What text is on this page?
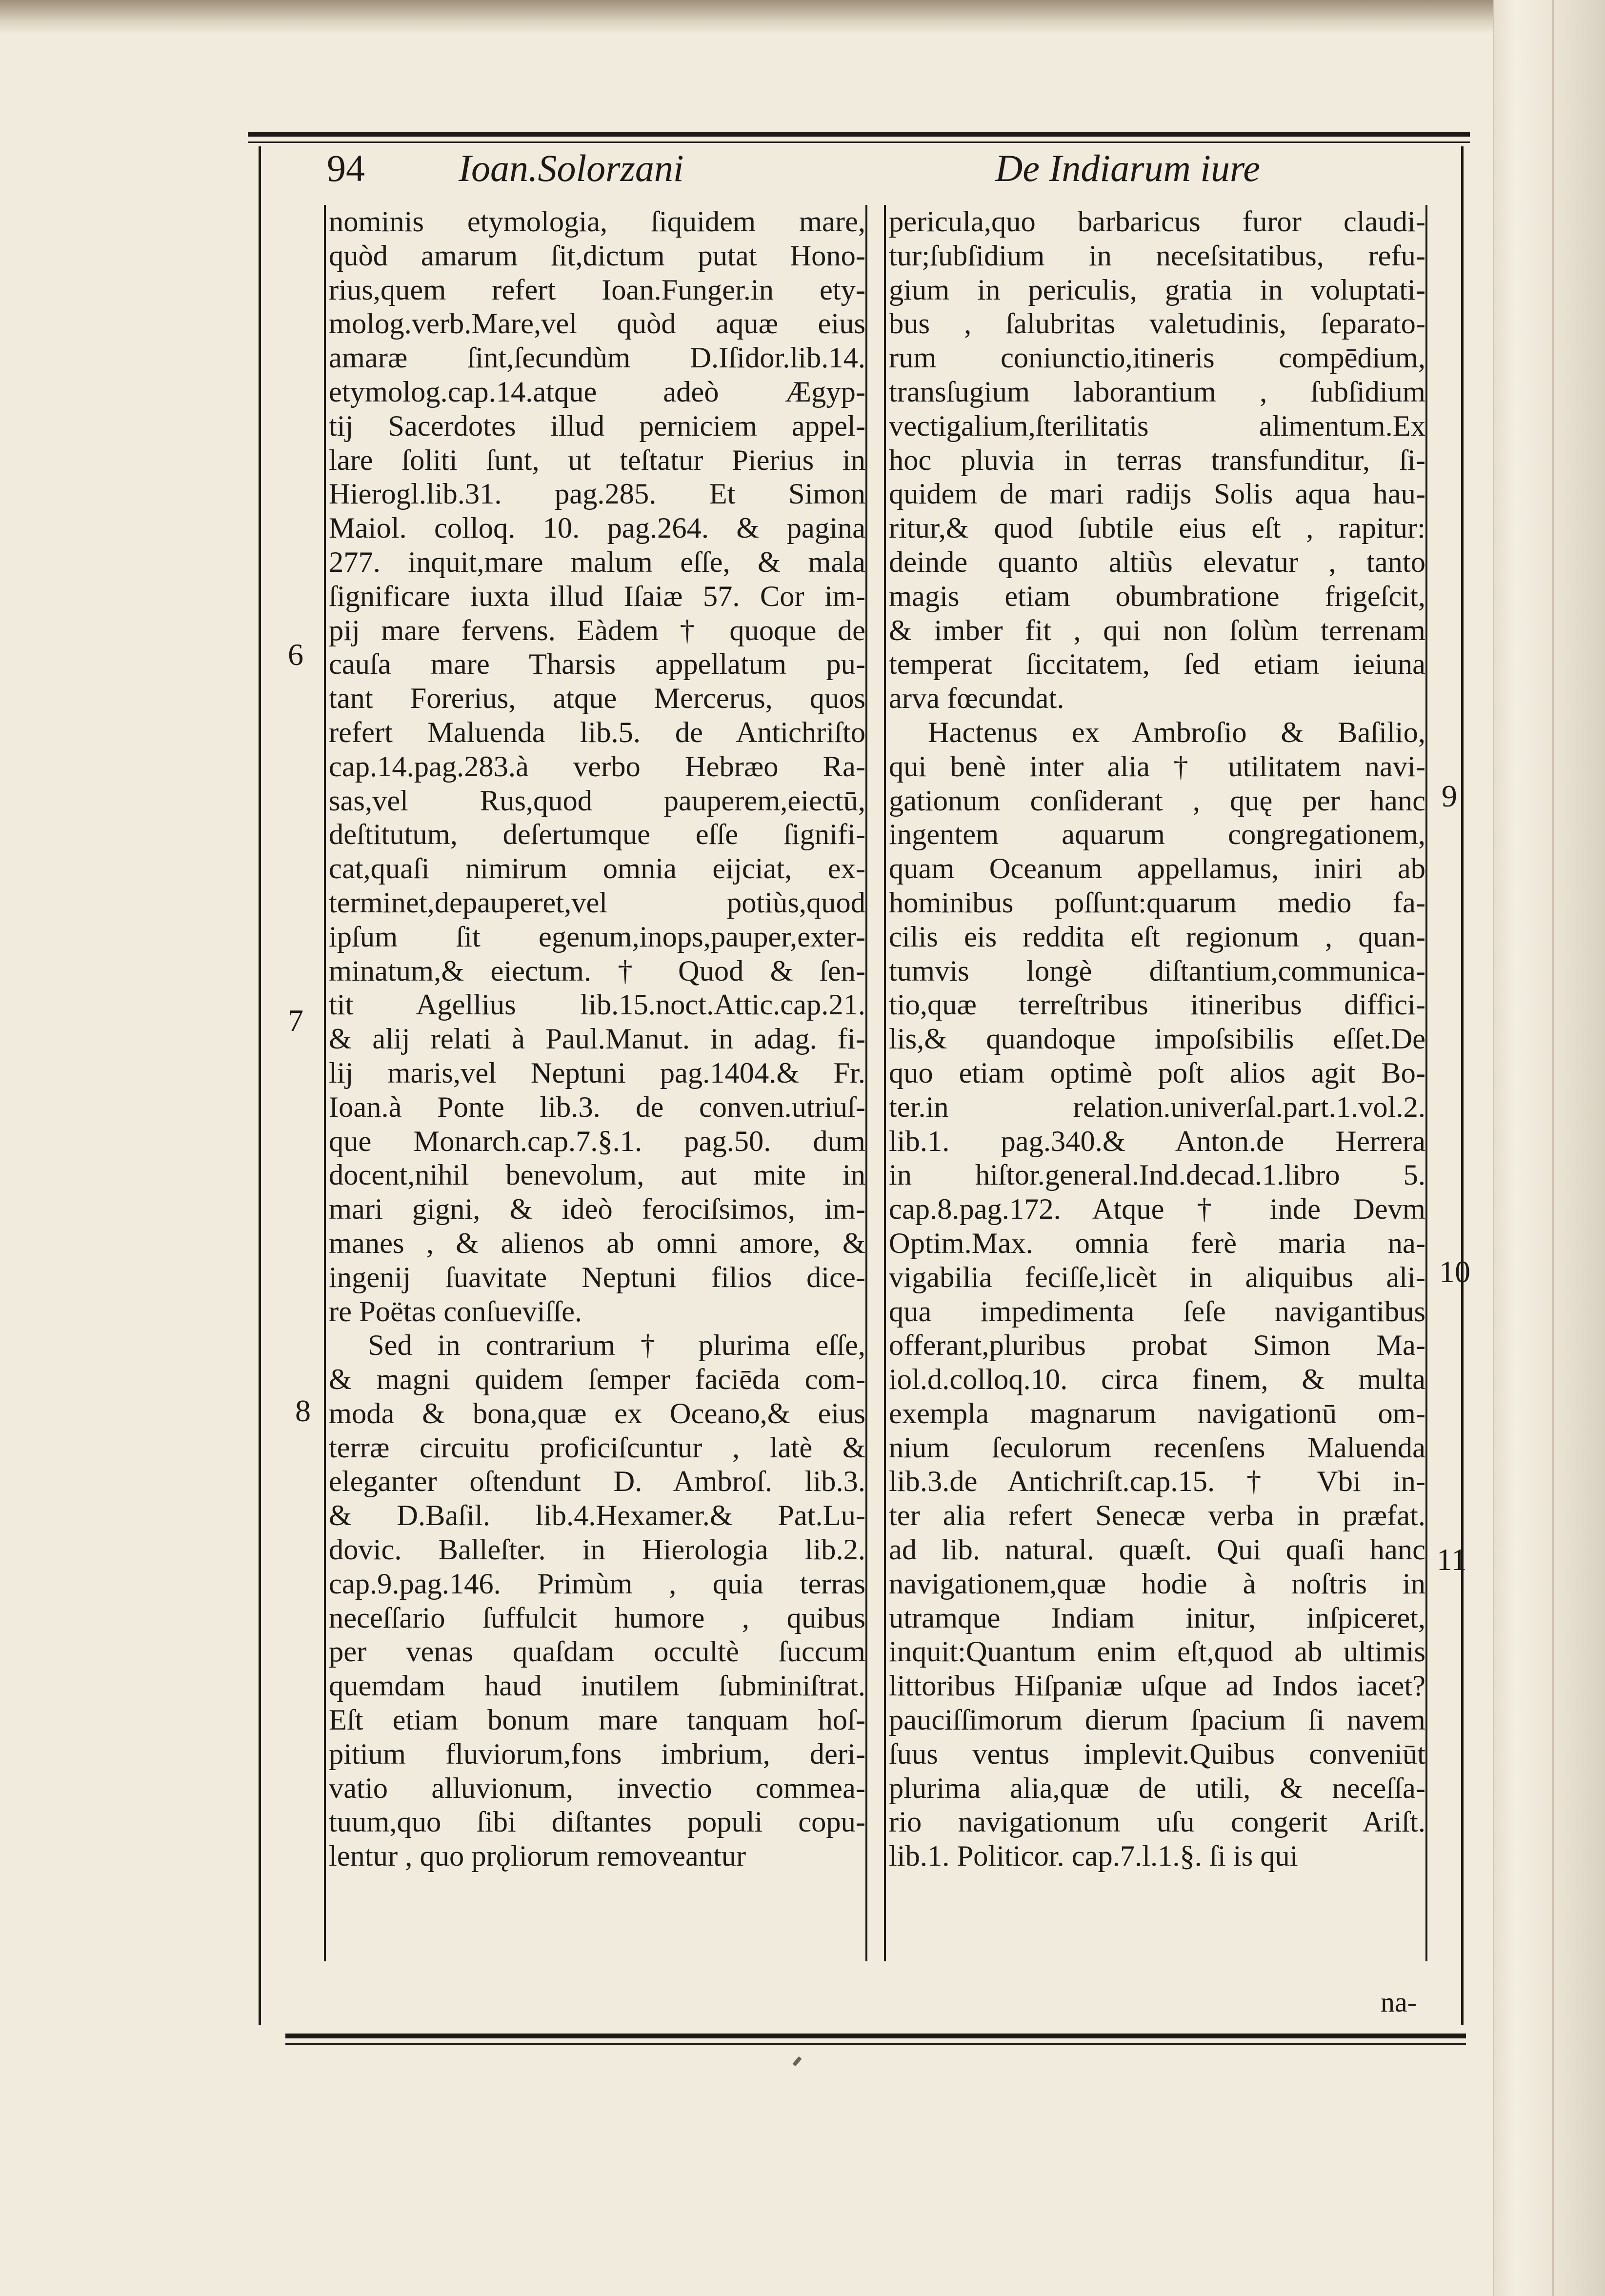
94 Ioan.Solorzani	De Indiarum iure
nominis etymologia, ſiquidem mare,
quòd amarum ſit,dictum putat Hono-
rius,quem refert Ioan.Funger.in ety-
molog.verb.Mare,vel quòd aquæ eius
amaræ ſint,ſecundùm D.Iſidor.lib.14.
etymolog.cap.14.atque adeò Ægyp-
tij Sacerdotes illud perniciem appel-
lare ſoliti ſunt, ut teſtatur Pierius in
Hierogl.lib.31. pag.285. Et Simon
Maiol. colloq. 10. pag.264. & pagina
277. inquit,mare malum eſſe, & mala
ſignificare iuxta illud Iſaiæ 57. Cor im-
pij mare fervens. Eàdem † quoque de
cauſa mare Tharsis appellatum pu-
tant Forerius, atque Mercerus, quos
refert Maluenda lib.5. de Antichriſto
cap.14.pag.283.à verbo Hebræo Ra-
sas,vel Rus,quod pauperem,eiectū,
deſtitutum, deſertumque eſſe ſignifi-
cat,quaſi nimirum omnia eijciat, ex-
terminet,depauperet,vel potiùs,quod
ipſum ſit egenum,inops,pauper,exter-
minatum,& eiectum. † Quod & ſen-
tit Agellius lib.15.noct.Attic.cap.21.
& alij relati à Paul.Manut. in adag. fi-
lij maris,vel Neptuni pag.1404.& Fr.
Ioan.à Ponte lib.3. de conven.utriuſ-
que Monarch.cap.7.§.1. pag.50. dum
docent,nihil benevolum, aut mite in
mari gigni, & ideò ferociſsimos, im-
manes , & alienos ab omni amore, &
ingenij ſuavitate Neptuni filios dice-
re Poëtas conſueviſſe.
Sed in contrarium † plurima eſſe,
& magni quidem ſemper faciēda com-
moda & bona,quæ ex Oceano,& eius
terræ circuitu proficiſcuntur , latè &
eleganter oſtendunt D. Ambroſ. lib.3.
& D.Baſil. lib.4.Hexamer.& Pat.Lu-
dovic. Balleſter. in Hierologia lib.2.
cap.9.pag.146. Primùm , quia terras
neceſſario ſuffulcit humore , quibus
per venas quaſdam occultè ſuccum
quemdam haud inutilem ſubminiſtrat.
Eſt etiam bonum mare tanquam hoſ-
pitium fluviorum,fons imbrium, deri-
vatio alluvionum, invectio commea-
tuum,quo ſibi diſtantes populi copu-
lentur , quo prǫliorum removeantur
pericula,quo barbaricus furor claudi-
tur;ſubſidium in neceſsitatibus, refu-
gium in periculis, gratia in voluptati-
bus , ſalubritas valetudinis, ſeparato-
rum coniunctio,itineris compēdium,
transſugium laborantium , ſubſidium
vectigalium,ſterilitatis alimentum.Ex
hoc pluvia in terras transfunditur, ſi-
quidem de mari radijs Solis aqua hau-
ritur,& quod ſubtile eius eſt , rapitur:
deinde quanto altiùs elevatur , tanto
magis etiam obumbratione frigeſcit,
& imber fit , qui non ſolùm terrenam
temperat ſiccitatem, ſed etiam ieiuna
arva fœcundat.
Hactenus ex Ambroſio & Baſilio,
qui benè inter alia † utilitatem navi-
gationum conſiderant , quę per hanc
ingentem aquarum congregationem,
quam Oceanum appellamus, iniri ab
hominibus poſſunt:quarum medio fa-
cilis eis reddita eſt regionum , quan-
tumvis longè diſtantium,communica-
tio,quæ terreſtribus itineribus diffici-
lis,& quandoque impoſsibilis eſſet.De
quo etiam optimè poſt alios agit Bo-
ter.in relation.univerſal.part.1.vol.2.
lib.1. pag.340.& Anton.de Herrera
in hiſtor.general.Ind.decad.1.libro 5.
cap.8.pag.172. Atque † inde Devm
Optim.Max. omnia ferè maria na-
vigabilia feciſſe,licèt in aliquibus ali-
qua impedimenta ſeſe navigantibus
offerant,pluribus probat Simon Ma-
iol.d.colloq.10. circa finem, & multa
exempla magnarum navigationū om-
nium ſeculorum recenſens Maluenda
lib.3.de Antichriſt.cap.15. † Vbi in-
ter alia refert Senecæ verba in præfat.
ad lib. natural. quæſt. Qui quaſi hanc
navigationem,quæ hodie à noſtris in
utramque Indiam initur, inſpiceret,
inquit:Quantum enim eſt,quod ab ultimis
littoribus Hiſpaniæ uſque ad Indos iacet?
pauciſſimorum dierum ſpacium ſi navem
ſuus ventus implevit.Quibus conveniūt
plurima alia,quæ de utili, & neceſſa-
rio navigationum uſu congerit Ariſt.
lib.1. Politicor. cap.7.l.1.§. ſi is qui
6
7
8
9
10
11
na-
